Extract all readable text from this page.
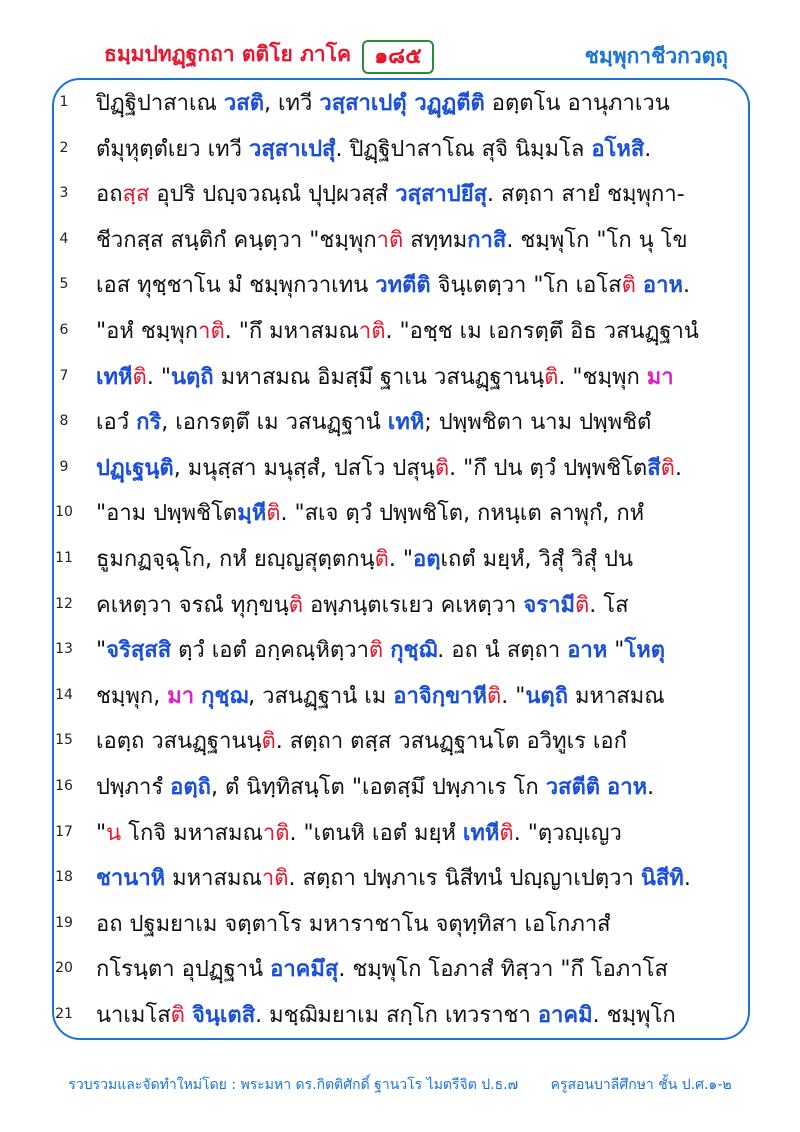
ธมฺมปทฏฺฐกถา ตติโย ภาโค	๑๘๕	ชมฺพุกาชีวกวตฺถุ
1	ปิฏฺฐิปาสาเณ วสติ, เทวี วสฺสาเปตุํ วฏฺฏตีติ อตฺตโน อานุภาเวน
2	ตํมุหุตฺตํเยว เทวี วสฺสาเปสุํ. ปิฏฺฐิปาสาโณ สุจิ นิมฺมโล อโหสิ.
3	อถสฺส อุปริ ปญฺจวณฺณํ ปุปฺผวสฺสํ วสฺสาปยึสุ. สตฺถา สายํ ชมฺพุกา-
4	ชีวกสฺส สนฺติกํ คนฺตฺวา "ชมฺพุกาติ สทฺทมกาสิ. ชมฺพุโก "โก นุ โข
5	เอส ทุชฺชาโน มํ ชมฺพุกวาเทน วทตีติ จินฺเตตฺวา "โก เอโสติ อาห.
6	"อหํ ชมฺพุกาติ. "กึ มหาสมณาติ. "อชฺช เม เอกรตฺตึ อิธ วสนฏฺฐานํ
7	เทหีติ. "นตฺถิ มหาสมณ อิมสฺมึ ฐาเน วสนฏฺฐานนฺติ. "ชมฺพุก มา
8	เอวํ กริ, เอกรตฺตึ เม วสนฏฺฐานํ เทหิ; ปพฺพชิตา นาม ปพฺพชิตํ
9	ปฏฺเฐนฺติ, มนุสฺสา มนุสฺสํ, ปสโว ปสุนฺติ. "กึ ปน ตฺวํ ปพฺพชิโตสีติ.
10 "อาม ปพฺพชิโตมฺหีติ. "สเจ ตฺวํ ปพฺพชิโต, กหนฺเต ลาพุกํ, กหํ
11 ธูมกฏจฺฉุโก, กหํ ยญฺญสุตฺตกนฺติ. "อตฺเถตํ มยฺหํ, วิสุํ วิสุํ ปน
12 คเหตฺวา จรณํ ทุกฺขนฺติ อพฺภนฺตเรเยว คเหตฺวา จรามีติ. โส
13 "จริสฺสสิ ตฺวํ เอตํ อกฺคณฺหิตฺวาติ กุชฺฌิ. อถ นํ สตฺถา อาห "โหตุ
14 ชมฺพุก, มา กุชฺฌ, วสนฏฺฐานํ เม อาจิกฺขาหีติ. "นตฺถิ มหาสมณ
15 เอตฺถ วสนฏฺฐานนฺติ. สตฺถา ตสฺส วสนฏฺฐานโต อวิทูเร เอกํ
16 ปพฺภารํ อตฺถิ, ตํ นิทฺทิสนฺโต "เอตสฺมึ ปพฺภาเร โก วสตีติ อาห.
17 "น โกจิ มหาสมณาติ. "เตนหิ เอตํ มยฺหํ เทหีติ. "ตฺวญฺเญว
18 ชานาหิ มหาสมณาติ. สตฺถา ปพฺภาเร นิสีทนํ ปญฺญาเปตฺวา นิสีทิ.
19 อถ ปฐมยาเม จตฺตาโร มหาราชาโน จตุทฺทิสา เอโกภาสํ
20 กโรนฺตา อุปฏฺฐานํ อาคมึสุ. ชมฺพุโก โอภาสํ ทิสฺวา "กึ โอภาโส
21 นาเมโสติ จินฺเตสิ. มชฺฌิมยาเม สกฺโก เทวราชา อาคมิ. ชมฺพุโก
รวบรวมและจัดทำใหม่โดย : พระมหา ดร.กิตติศักดิ์ ฐานวโร ไมตรีจิต ป.ธ.๗ ครูสอนบาลีศึกษา ชั้น ป.ศ.๑-๒
